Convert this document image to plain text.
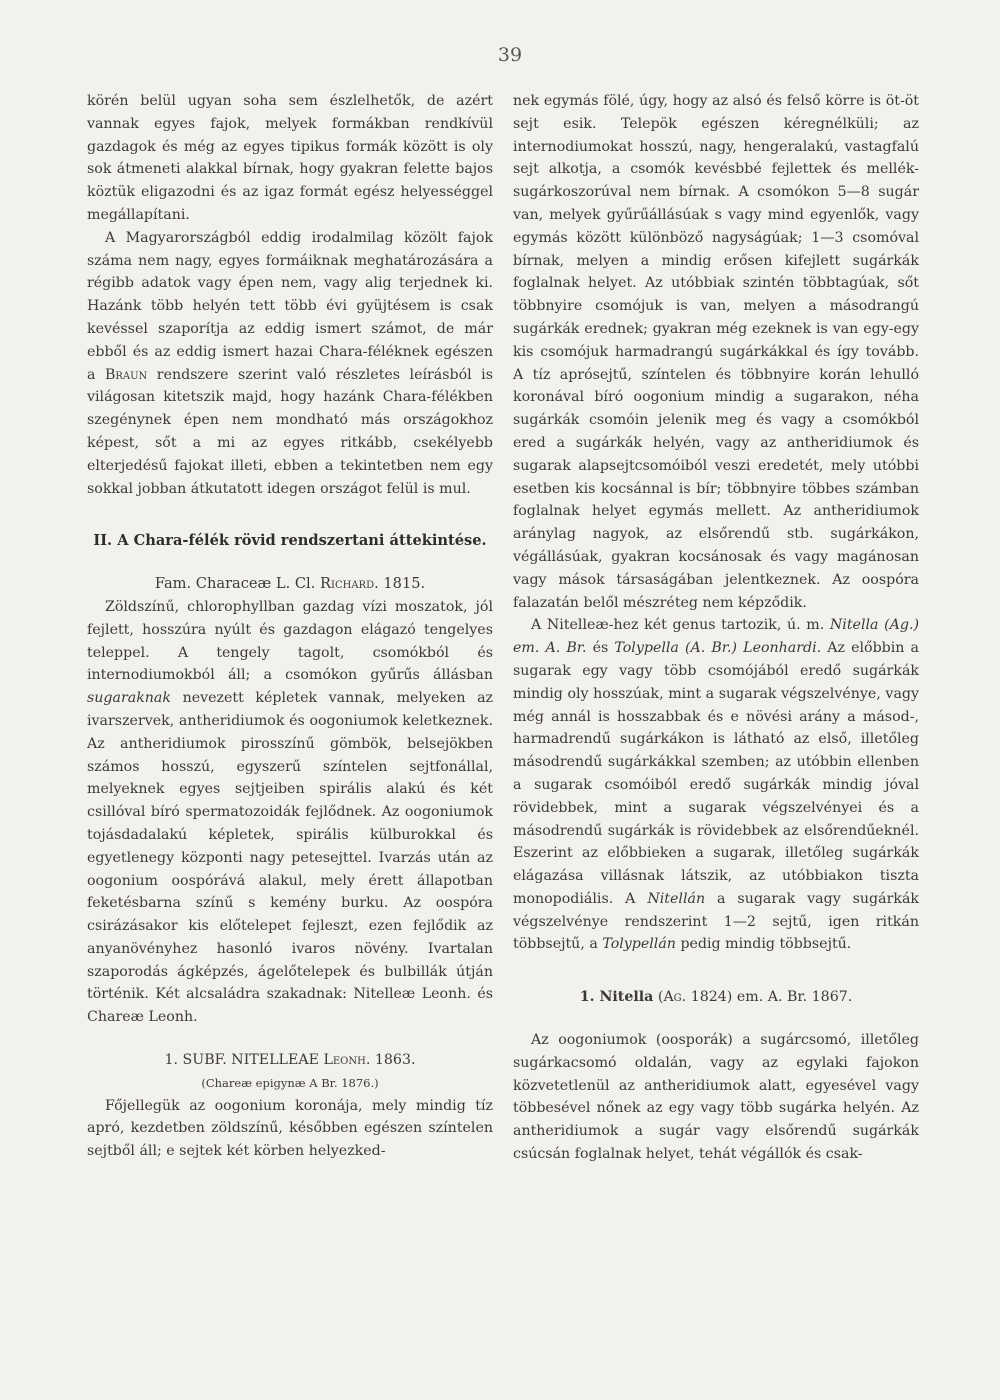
39

körén belül ugyan soha sem észlelhetők, de azért vannak egyes fajok, melyek formákban rendkívül gazdagok és még az egyes tipikus formák között is oly sok átmeneti alakkal bírnak, hogy gyakran felette bajos köztük eligazodni és az igaz formát egész helyességgel megállapítani.

A Magyarországból eddig irodalmilag közölt fajok száma nem nagy, egyes formáiknak meghatározására a régibb adatok vagy épen nem, vagy alig terjednek ki. Hazánk több helyén tett több évi gyüjtésem is csak kevéssel szaporítja az eddig ismert számot, de már ebből és az eddig ismert hazai Chara-féléknek egészen a Braun rendszere szerint való részletes leírásból is világosan kitetszik majd, hogy hazánk Chara-félékben szegénynek épen nem mondható más országokhoz képest, sőt a mi az egyes ritkább, csekélyebb elterjedésű fajokat illeti, ebben a tekintetben nem egy sokkal jobban átkutatott idegen országot felül is mul.

II. A Chara-félék rövid rendszertani áttekintése.

Fam. Characeæ L. Cl. Richard. 1815.

Zöldszínű, chlorophyllban gazdag vízi moszatok, jól fejlett, hosszúra nyúlt és gazdagon elágazó tengelyes teleppel. A tengely tagolt, csomókból és internodiumokból áll; a csomókon gyűrűs állásban sugaraknak nevezett képletek vannak, melyeken az ivarszervek, antheridiumok és oogoniumok keletkeznek. Az antheridiumok pirosszínű gömbök, belsejökben számos hosszú, egyszerű színtelen sejtfonállal, melyeknek egyes sejtjeiben spirális alakú és két csillóval bíró spermatozoidák fejlődnek. Az oogoniumok tojásdadalakú képletek, spirális külburokkal és egyetlenegy központi nagy petesejttel. Ivarzás után az oogonium oospórává alakul, mely érett állapotban feketésbarna színű s kemény burku. Az oospóra csirázásakor kis előtelepet fejleszt, ezen fejlődik az anyanövényhez hasonló ivaros növény. Ivartalan szaporodás ágképzés, ágelőtelepek és bulbillák útján történik. Két alcsaládra szakadnak: Nitelleæ Leonh. és Chareæ Leonh.

1. SUBF. NITELLEAE Leonh. 1863.

(Chareæ epigynæ A Br. 1876.)

Főjellegük az oogonium koronája, mely mindig tíz apró, kezdetben zöldszínű, későbben egészen színtelen sejtből áll; e sejtek két körben helyezked-

nek egymás fölé, úgy, hogy az alsó és felső körre is öt-öt sejt esik. Telepök egészen kéregnélküli; az internodiumokat hosszú, nagy, hengeralakú, vastagfalú sejt alkotja, a csomók kevésbbé fejlettek és mellék-sugárkoszorúval nem bírnak. A csomókon 5—8 sugár van, melyek gyűrűállásúak s vagy mind egyenlők, vagy egymás között különböző nagyságúak; 1—3 csomóval bírnak, melyen a mindig erősen kifejlett sugárkák foglalnak helyet. Az utóbbiak szintén többtagúak, sőt többnyire csomójuk is van, melyen a másodrangú sugárkák erednek; gyakran még ezeknek is van egy-egy kis csomójuk harmadrangú sugárkákkal és így tovább. A tíz aprósejtű, színtelen és többnyire korán lehulló koronával bíró oogonium mindig a sugarakon, néha sugárkák csomóin jelenik meg és vagy a csomókból ered a sugárkák helyén, vagy az antheridiumok és sugarak alapsejtcsomóiból veszi eredetét, mely utóbbi esetben kis kocsánnal is bír; többnyire többes számban foglalnak helyet egymás mellett. Az antheridiumok aránylag nagyok, az elsőrendű stb. sugárkákon, végállásúak, gyakran kocsánosak és vagy magánosan vagy mások társaságában jelentkeznek. Az oospóra falazatán belől mészréteg nem képződik.

A Nitelleæ-hez két genus tartozik, ú. m. Nitella (Ag.) em. A. Br. és Tolypella (A. Br.) Leonhardi. Az előbbin a sugarak egy vagy több csomójából eredő sugárkák mindig oly hosszúak, mint a sugarak végszelvénye, vagy még annál is hosszabbak és e növési arány a másod-, harmadrendű sugárkákon is látható az első, illetőleg másodrendű sugárkákkal szemben; az utóbbin ellenben a sugarak csomóiból eredő sugárkák mindig jóval rövidebbek, mint a sugarak végszelvényei és a másodrendű sugárkák is rövidebbek az elsőrendűeknél. Eszerint az előbbieken a sugarak, illetőleg sugárkák elágazása villásnak látszik, az utóbbiakon tiszta monopodiális. A Nitellán a sugarak vagy sugárkák végszelvénye rendszerint 1—2 sejtű, igen ritkán többsejtű, a Tolypellán pedig mindig többsejtű.

1. Nitella (Ag. 1824) em. A. Br. 1867.

Az oogoniumok (oosporák) a sugárcsomó, illetőleg sugárkacsomó oldalán, vagy az egylaki fajokon közvetetlenül az antheridiumok alatt, egyesével vagy többesével nőnek az egy vagy több sugárka helyén. Az antheridiumok a sugár vagy elsőrendű sugárkák csúcsán foglalnak helyet, tehát végállók és csak-
